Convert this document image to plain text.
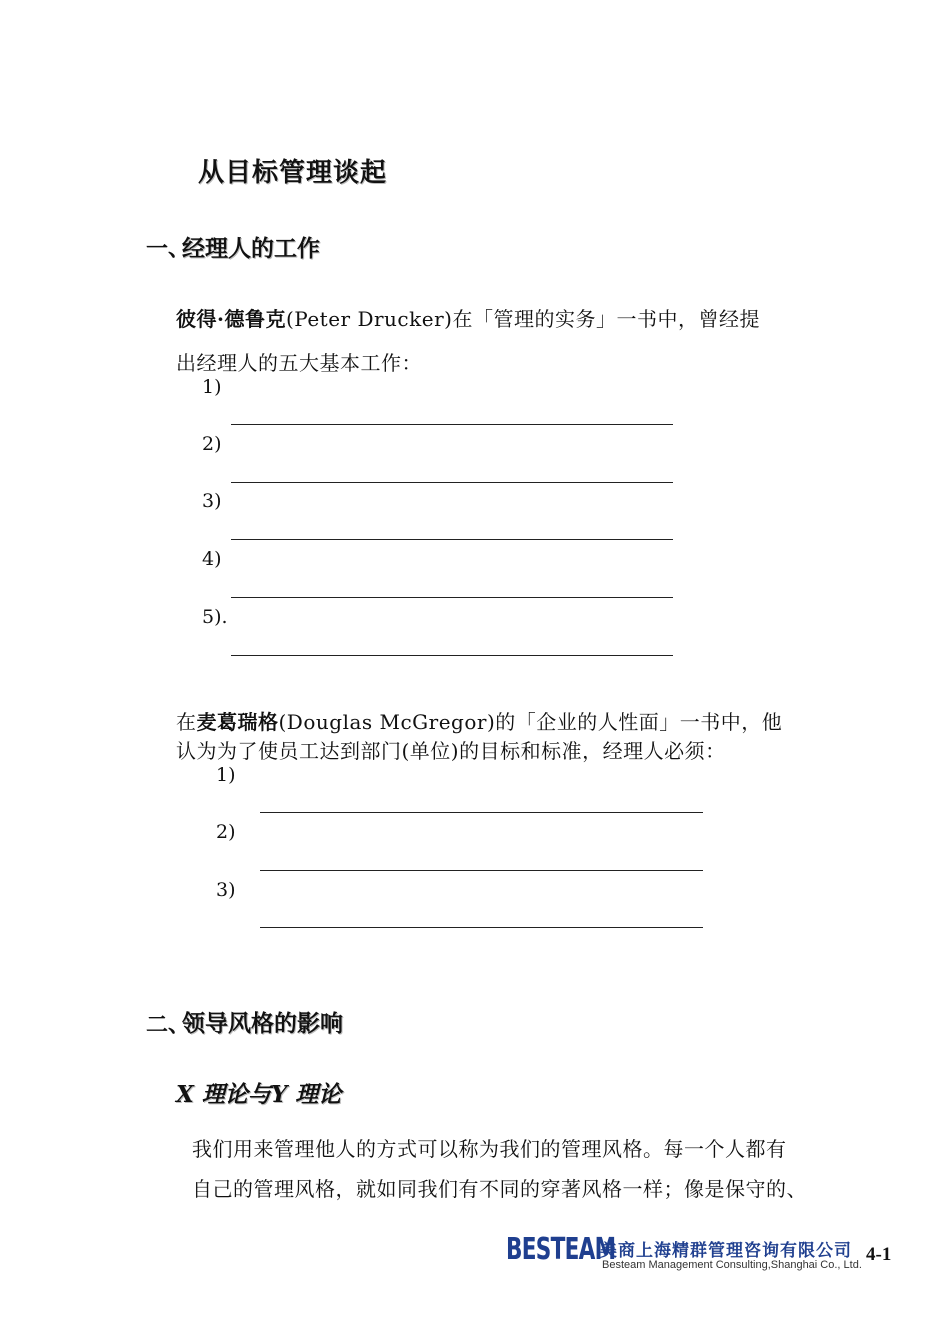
从目标管理谈起
一、
经理人的工作
彼得·德鲁克(Peter Drucker)在「管理的实务」一书中，曾经提
出经理人的五大基本工作：
1)
2)
3)
4)
5).
在麦葛瑞格(Douglas McGregor)的「企业的人性面」一书中，他
认为为了使员工达到部门(单位)的目标和标准，经理人必须：
1)
2)
3)
二、
领导风格的影响
X 理论与Y 理论
我们用来管理他人的方式可以称为我们的管理风格。每一个人都有
自己的管理风格，就如同我们有不同的穿著风格一样；像是保守的、
BESTEAM
美商上海精群管理咨询有限公司
Besteam Management Consulting,Shanghai Co., Ltd. 4-1
